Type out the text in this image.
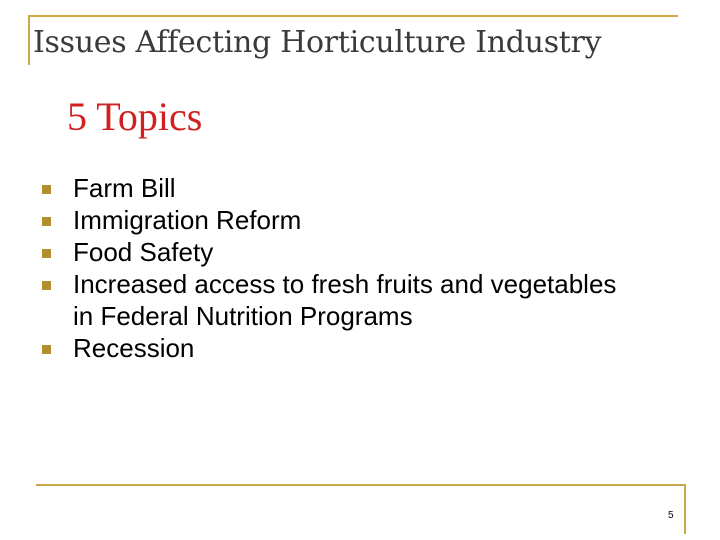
Issues Affecting Horticulture Industry
5 Topics
Farm Bill
Immigration Reform
Food Safety
Increased access to fresh fruits and vegetables in Federal Nutrition Programs
Recession
5
